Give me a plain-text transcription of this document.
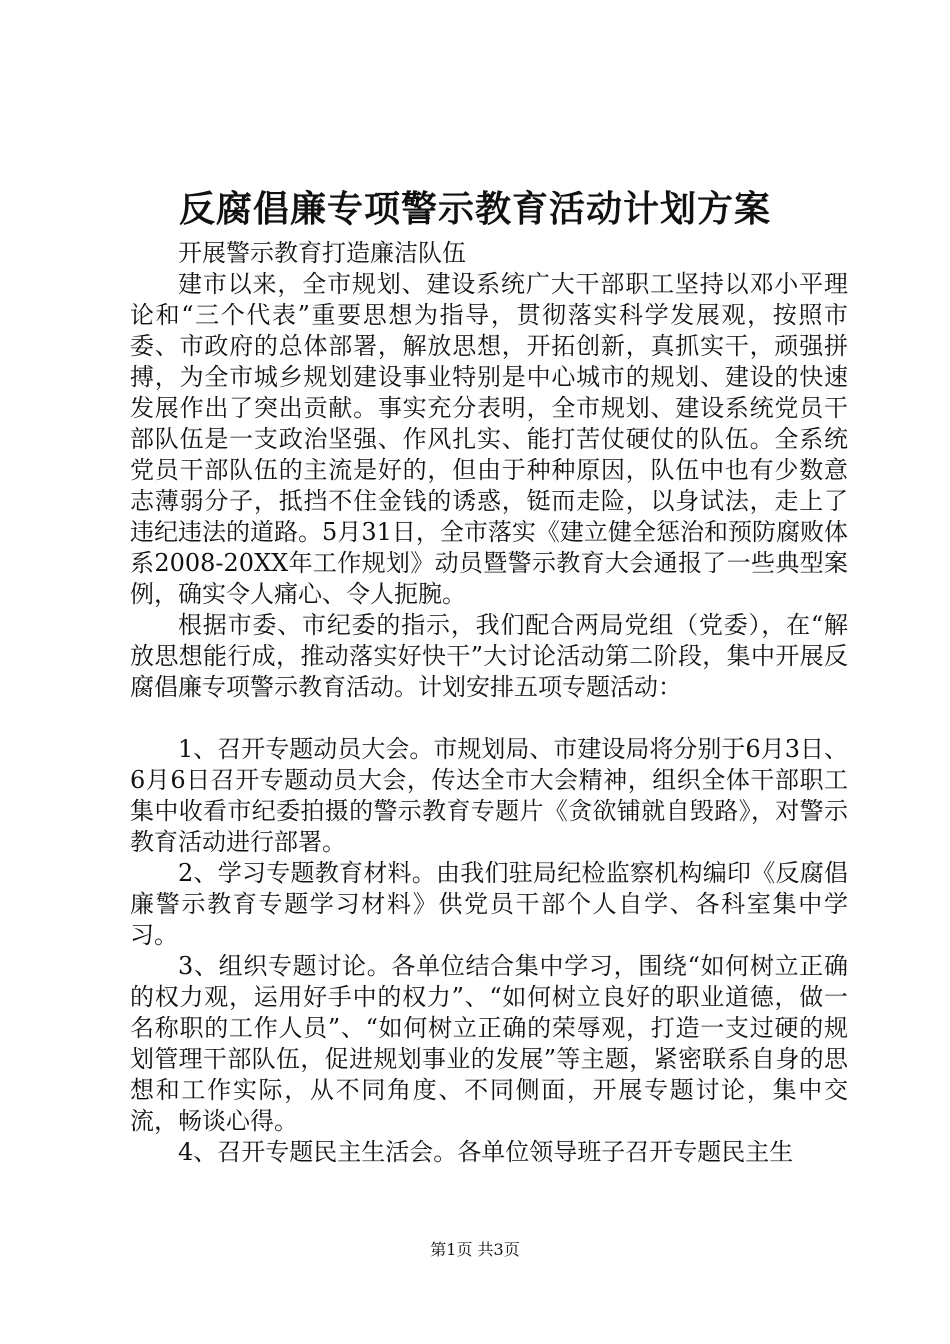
反腐倡廉专项警示教育活动计划方案

开展警示教育打造廉洁队伍

建市以来，全市规划、建设系统广大干部职工坚持以邓小平理论和“三个代表”重要思想为指导，贯彻落实科学发展观，按照市委、市政府的总体部署，解放思想，开拓创新，真抓实干，顽强拼搏，为全市城乡规划建设事业特别是中心城市的规划、建设的快速发展作出了突出贡献。事实充分表明，全市规划、建设系统党员干部队伍是一支政治坚强、作风扎实、能打苦仗硬仗的队伍。全系统党员干部队伍的主流是好的，但由于种种原因，队伍中也有少数意志薄弱分子，抵挡不住金钱的诱惑，铤而走险，以身试法，走上了违纪违法的道路。5月31日，全市落实《建立健全惩治和预防腐败体系2008-20XX年工作规划》动员暨警示教育大会通报了一些典型案例，确实令人痛心、令人扼腕。

根据市委、市纪委的指示，我们配合两局党组（党委），在“解放思想能行成，推动落实好快干”大讨论活动第二阶段，集中开展反腐倡廉专项警示教育活动。计划安排五项专题活动：

1、召开专题动员大会。市规划局、市建设局将分别于6月3日、6月6日召开专题动员大会，传达全市大会精神，组织全体干部职工集中收看市纪委拍摄的警示教育专题片《贪欲铺就自毁路》，对警示教育活动进行部署。

2、学习专题教育材料。由我们驻局纪检监察机构编印《反腐倡廉警示教育专题学习材料》供党员干部个人自学、各科室集中学习。

3、组织专题讨论。各单位结合集中学习，围绕“如何树立正确的权力观，运用好手中的权力”、“如何树立良好的职业道德，做一名称职的工作人员”、“如何树立正确的荣辱观，打造一支过硬的规划管理干部队伍，促进规划事业的发展”等主题，紧密联系自身的思想和工作实际，从不同角度、不同侧面，开展专题讨论，集中交流，畅谈心得。

4、召开专题民主生活会。各单位领导班子召开专题民主生

第1页 共3页
